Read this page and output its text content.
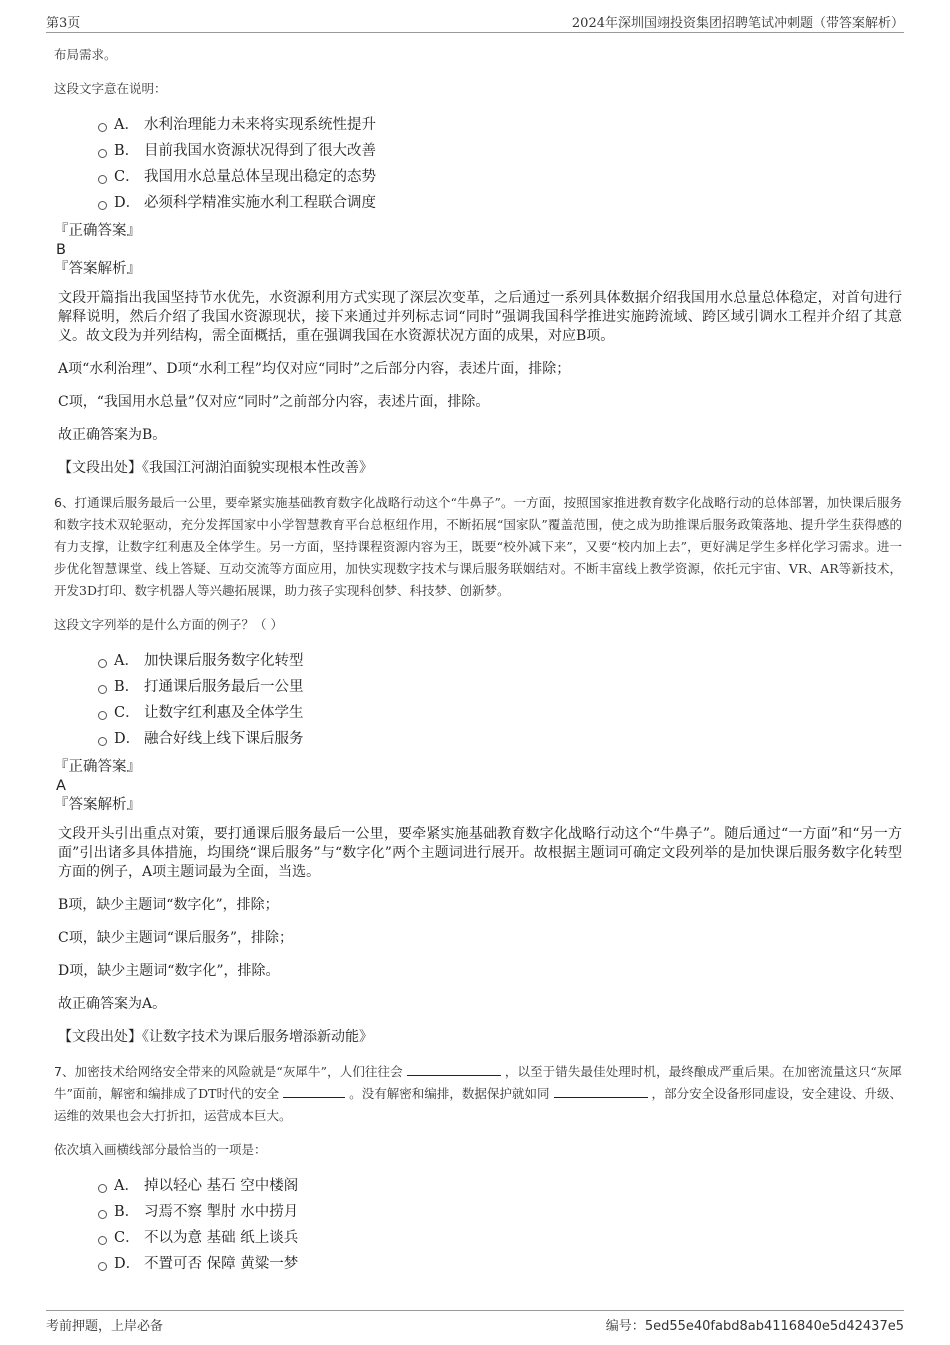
第3页	2024年深圳国翊投资集团招聘笔试冲刺题（带答案解析）

布局需求。

这段文字意在说明：

A． 水利治理能力未来将实现系统性提升
B． 目前我国水资源状况得到了很大改善
C． 我国用水总量总体呈现出稳定的态势
D． 必须科学精准实施水利工程联合调度

『正确答案』

B

『答案解析』

文段开篇指出我国坚持节水优先，水资源利用方式实现了深层次变革，之后通过一系列具体数据介绍我国用水总量总体稳定，对首句进行解释说明，然后介绍了我国水资源现状，接下来通过并列标志词“同时”强调我国科学推进实施跨流域、跨区域引调水工程并介绍了其意义。故文段为并列结构，需全面概括，重在强调我国在水资源状况方面的成果，对应B项。

A项“水利治理”、D项“水利工程”均仅对应“同时”之后部分内容，表述片面，排除；

C项，“我国用水总量”仅对应“同时”之前部分内容，表述片面，排除。

故正确答案为B。

【文段出处】《我国江河湖泊面貌实现根本性改善》

6、打通课后服务最后一公里，要牵紧实施基础教育数字化战略行动这个“牛鼻子”。一方面，按照国家推进教育数字化战略行动的总体部署，加快课后服务和数字技术双轮驱动，充分发挥国家中小学智慧教育平台总枢纽作用，不断拓展“国家队”覆盖范围，使之成为助推课后服务政策落地、提升学生获得感的有力支撑，让数字红利惠及全体学生。另一方面，坚持课程资源内容为王，既要“校外减下来”，又要“校内加上去”，更好满足学生多样化学习需求。进一步优化智慧课堂、线上答疑、互动交流等方面应用，加快实现数字技术与课后服务联姻结对。不断丰富线上教学资源，依托元宇宙、VR、AR等新技术，开发3D打印、数字机器人等兴趣拓展课，助力孩子实现科创梦、科技梦、创新梦。

这段文字列举的是什么方面的例子？（ ）

A． 加快课后服务数字化转型
B． 打通课后服务最后一公里
C． 让数字红利惠及全体学生
D． 融合好线上线下课后服务

『正确答案』

A

『答案解析』

文段开头引出重点对策，要打通课后服务最后一公里，要牵紧实施基础教育数字化战略行动这个“牛鼻子”。随后通过“一方面”和“另一方面”引出诸多具体措施，均围绕“课后服务”与“数字化”两个主题词进行展开。故根据主题词可确定文段列举的是加快课后服务数字化转型方面的例子，A项主题词最为全面，当选。

B项，缺少主题词“数字化”，排除；

C项，缺少主题词“课后服务”，排除；

D项，缺少主题词“数字化”，排除。

故正确答案为A。

【文段出处】《让数字技术为课后服务增添新动能》

7、加密技术给网络安全带来的风险就是“灰犀牛”，人们往往会	，以至于错失最佳处理时机，最终酿成严重后果。在加密流量这只“灰犀牛”面前，解密和编排成了DT时代的安全	。没有解密和编排，数据保护就如同	，部分安全设备形同虚设，安全建设、升级、运维的效果也会大打折扣，运营成本巨大。

依次填入画横线部分最恰当的一项是：

A． 掉以轻心 基石 空中楼阁
B． 习焉不察 掣肘 水中捞月
C． 不以为意 基础 纸上谈兵
D． 不置可否 保障 黄粱一梦
考前押题，上岸必备	编号：5ed55e40fabd8ab4116840e5d42437e5
